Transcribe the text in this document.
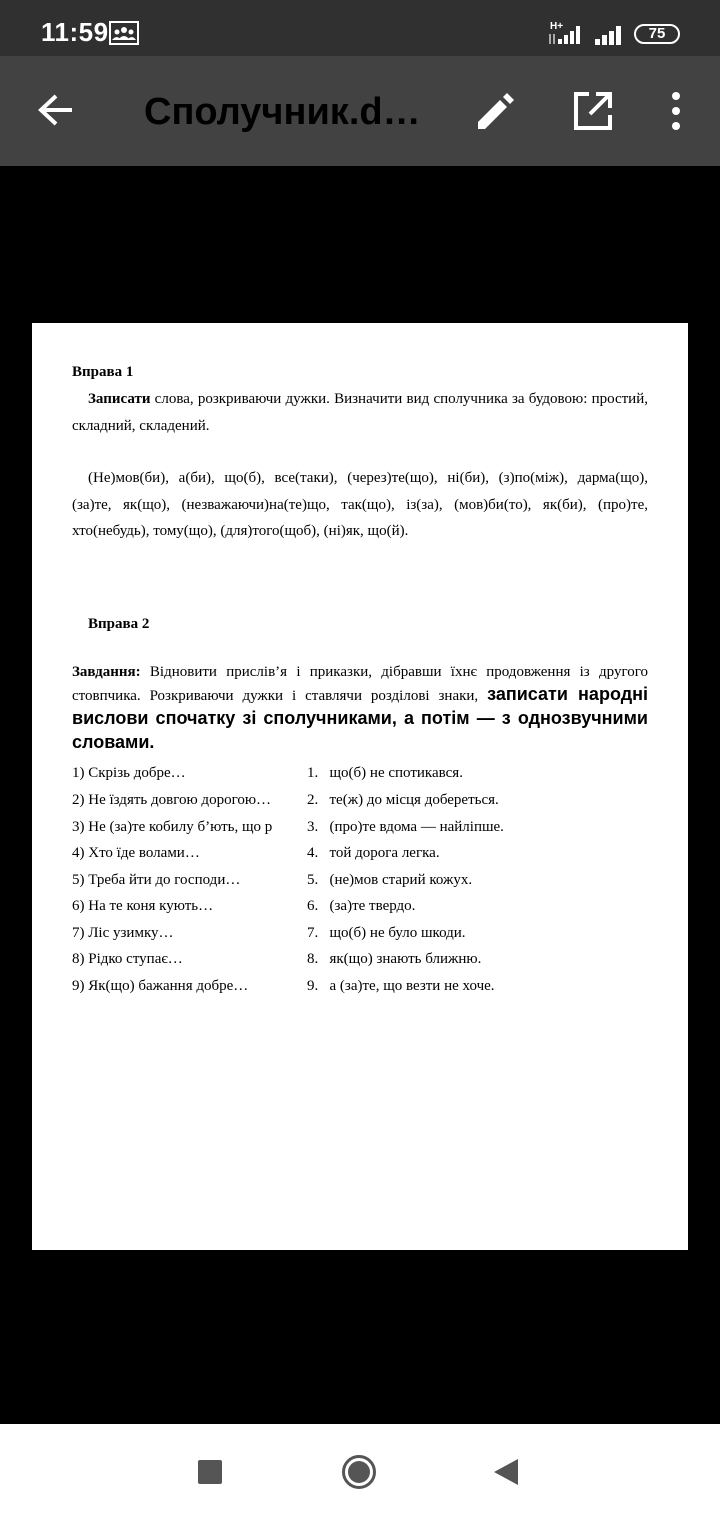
11:59	H+	75
Сполучник.d…
Вправа 1
Записати слова, розкриваючи дужки. Визначити вид сполучника за будовою: простий, складний, складений.
(Не)мов(би), а(би), що(б), все(таки), (через)те(що), ні(би), (з)по(між), дарма(що), (за)те, як(що), (незважаючи)на(те)що, так(що), із(за), (мов)би(то), як(би), (про)те, хто(небудь), тому(що), (для)того(щоб), (ні)як, що(й).
Вправа 2
Завдання: Відновити прислів’я і приказки, дібравши їхнє продовження із другого стовпчика. Розкриваючи дужки і ставлячи розділові знаки, записати народні вислови спочатку зі сполучниками, а потім — з однозвучними словами.
1) Скрізь добре…
2) Не їздять довгою дорогою…
3) Не (за)те кобилу б’ють, що р
4) Хто їде волами…
5) Треба йти до господи…
6) На те коня кують…
7) Ліс узимку…
8) Рідко ступає…
9) Як(що) бажання добре…
1. що(б) не спотикався.
2. те(ж) до місця добереться.
3. (про)те вдома — найліпше.
4. той дорога легка.
5. (не)мов старий кожух.
6. (за)те твердо.
7. що(б) не було шкоди.
8. як(що) знають ближню.
9. а (за)те, що везти не хоче.
